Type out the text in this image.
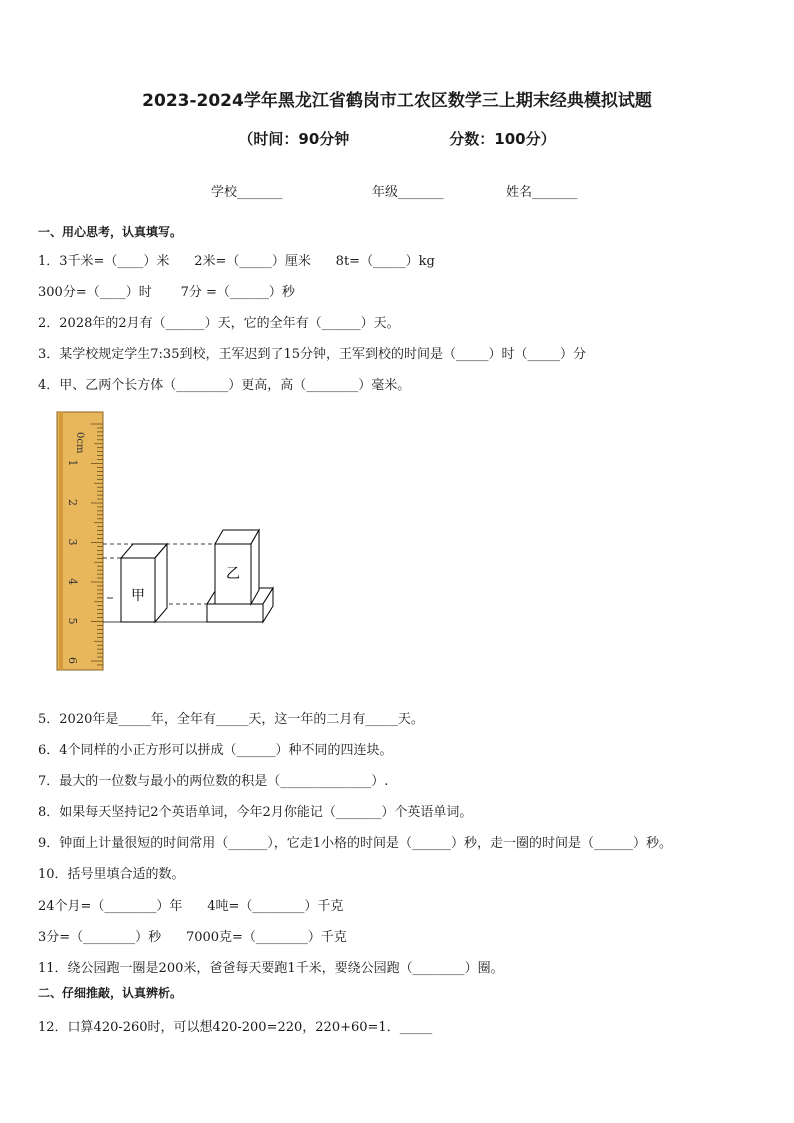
2023-2024学年黑龙江省鹤岗市工农区数学三上期末经典模拟试题
（时间：90分钟	分数：100分）
学校_______	年级_______	姓名_______
一、用心思考，认真填写。
1．3千米=（____）米      2米=（_____）厘米      8t=（_____）kg
300分=（____）时       7分 =（______）秒
2．2028年的2月有（______）天，它的全年有（______）天。
3．某学校规定学生7:35到校，王军迟到了15分钟，王军到校的时间是（_____）时（_____）分
4．甲、乙两个长方体（________）更高，高（________）毫米。
0cm
1
2
3
4
5
6
甲
乙
5．2020年是_____年，全年有_____天，这一年的二月有_____天。
6．4个同样的小正方形可以拼成（______）种不同的四连块。
7．最大的一位数与最小的两位数的积是（______________）.
8．如果每天坚持记2个英语单词，今年2月你能记（_______）个英语单词。
9．钟面上计量很短的时间常用（______），它走1小格的时间是（______）秒，走一圈的时间是（______）秒。
10．括号里填合适的数。
24个月=（________）年      4吨=（________）千克
3分=（________）秒      7000克=（________）千克
11．绕公园跑一圈是200米，爸爸每天要跑1千米，要绕公园跑（________）圈。
二、仔细推敲，认真辨析。
12．口算420-260时，可以想420-200=220，220+60=1．_____
